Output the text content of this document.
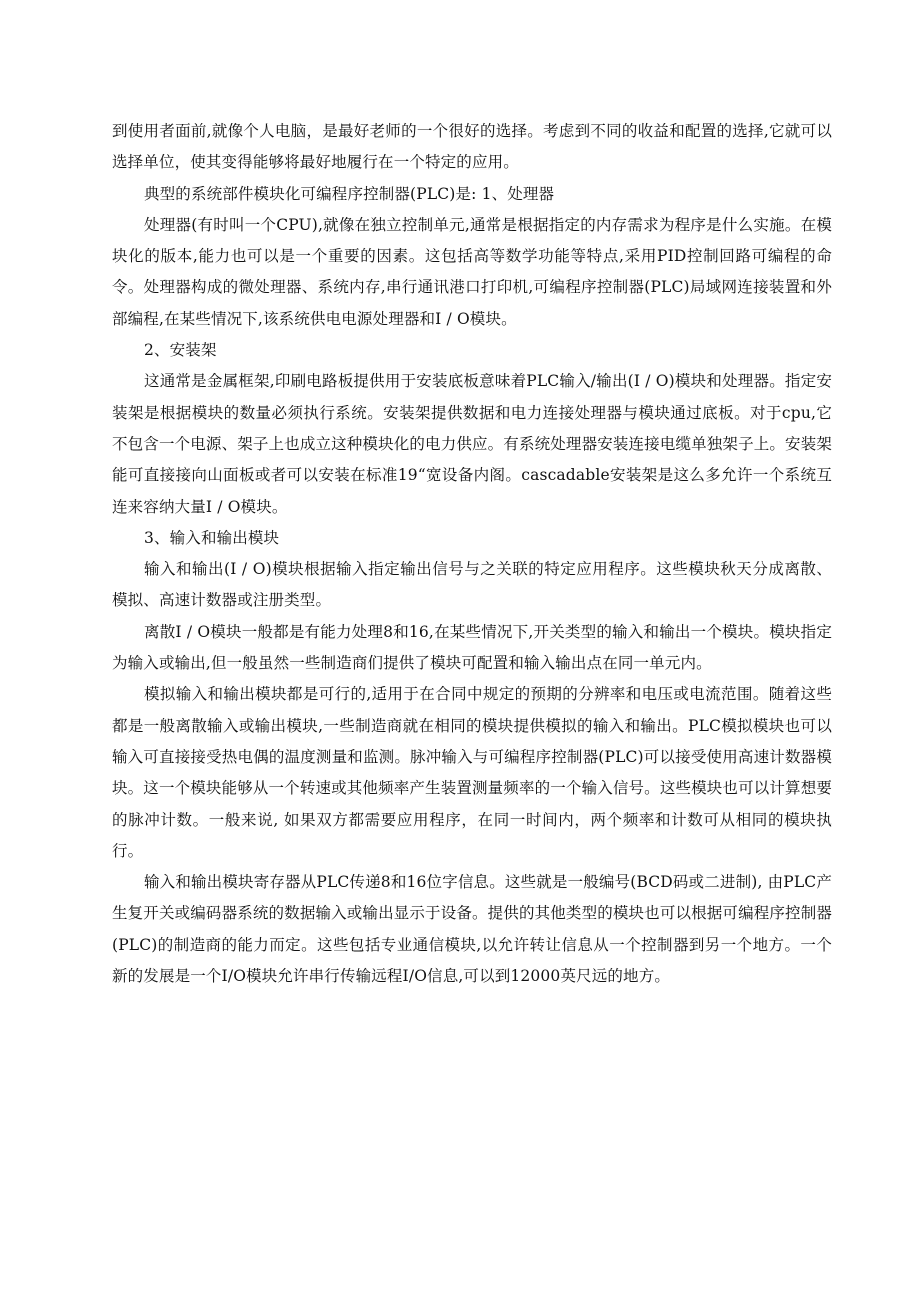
到使用者面前,就像个人电脑，是最好老师的一个很好的选择。考虑到不同的收益和配置的选择,它就可以选择单位，使其变得能够将最好地履行在一个特定的应用。

典型的系统部件模块化可编程序控制器(PLC)是: 1、处理器

处理器(有时叫一个CPU),就像在独立控制单元,通常是根据指定的内存需求为程序是什么实施。在模块化的版本,能力也可以是一个重要的因素。这包括高等数学功能等特点,采用PID控制回路可编程的命令。处理器构成的微处理器、系统内存,串行通讯港口打印机,可编程序控制器(PLC)局域网连接装置和外部编程,在某些情况下,该系统供电电源处理器和I / O模块。

2、安装架

这通常是金属框架,印刷电路板提供用于安装底板意味着PLC输入/输出(I / O)模块和处理器。指定安装架是根据模块的数量必须执行系统。安装架提供数据和电力连接处理器与模块通过底板。对于cpu,它不包含一个电源、架子上也成立这种模块化的电力供应。有系统处理器安装连接电缆单独架子上。安装架能可直接接向山面板或者可以安装在标准19“宽设备内阁。cascadable安装架是这么多允许一个系统互连来容纳大量I / O模块。

3、输入和输出模块

输入和输出(I / O)模块根据输入指定输出信号与之关联的特定应用程序。这些模块秋天分成离散、模拟、高速计数器或注册类型。

离散I / O模块一般都是有能力处理8和16,在某些情况下,开关类型的输入和输出一个模块。模块指定为输入或输出,但一般虽然一些制造商们提供了模块可配置和输入输出点在同一单元内。

模拟输入和输出模块都是可行的,适用于在合同中规定的预期的分辨率和电压或电流范围。随着这些都是一般离散输入或输出模块,一些制造商就在相同的模块提供模拟的输入和输出。PLC模拟模块也可以输入可直接接受热电偶的温度测量和监测。脉冲输入与可编程序控制器(PLC)可以接受使用高速计数器模块。这一个模块能够从一个转速或其他频率产生装置测量频率的一个输入信号。这些模块也可以计算想要的脉冲计数。一般来说, 如果双方都需要应用程序，在同一时间内，两个频率和计数可从相同的模块执行。

输入和输出模块寄存器从PLC传递8和16位字信息。这些就是一般编号(BCD码或二进制), 由PLC产生复开关或编码器系统的数据输入或输出显示于设备。提供的其他类型的模块也可以根据可编程序控制器(PLC)的制造商的能力而定。这些包括专业通信模块,以允许转让信息从一个控制器到另一个地方。一个新的发展是一个I/O模块允许串行传输远程I/O信息,可以到12000英尺远的地方。
